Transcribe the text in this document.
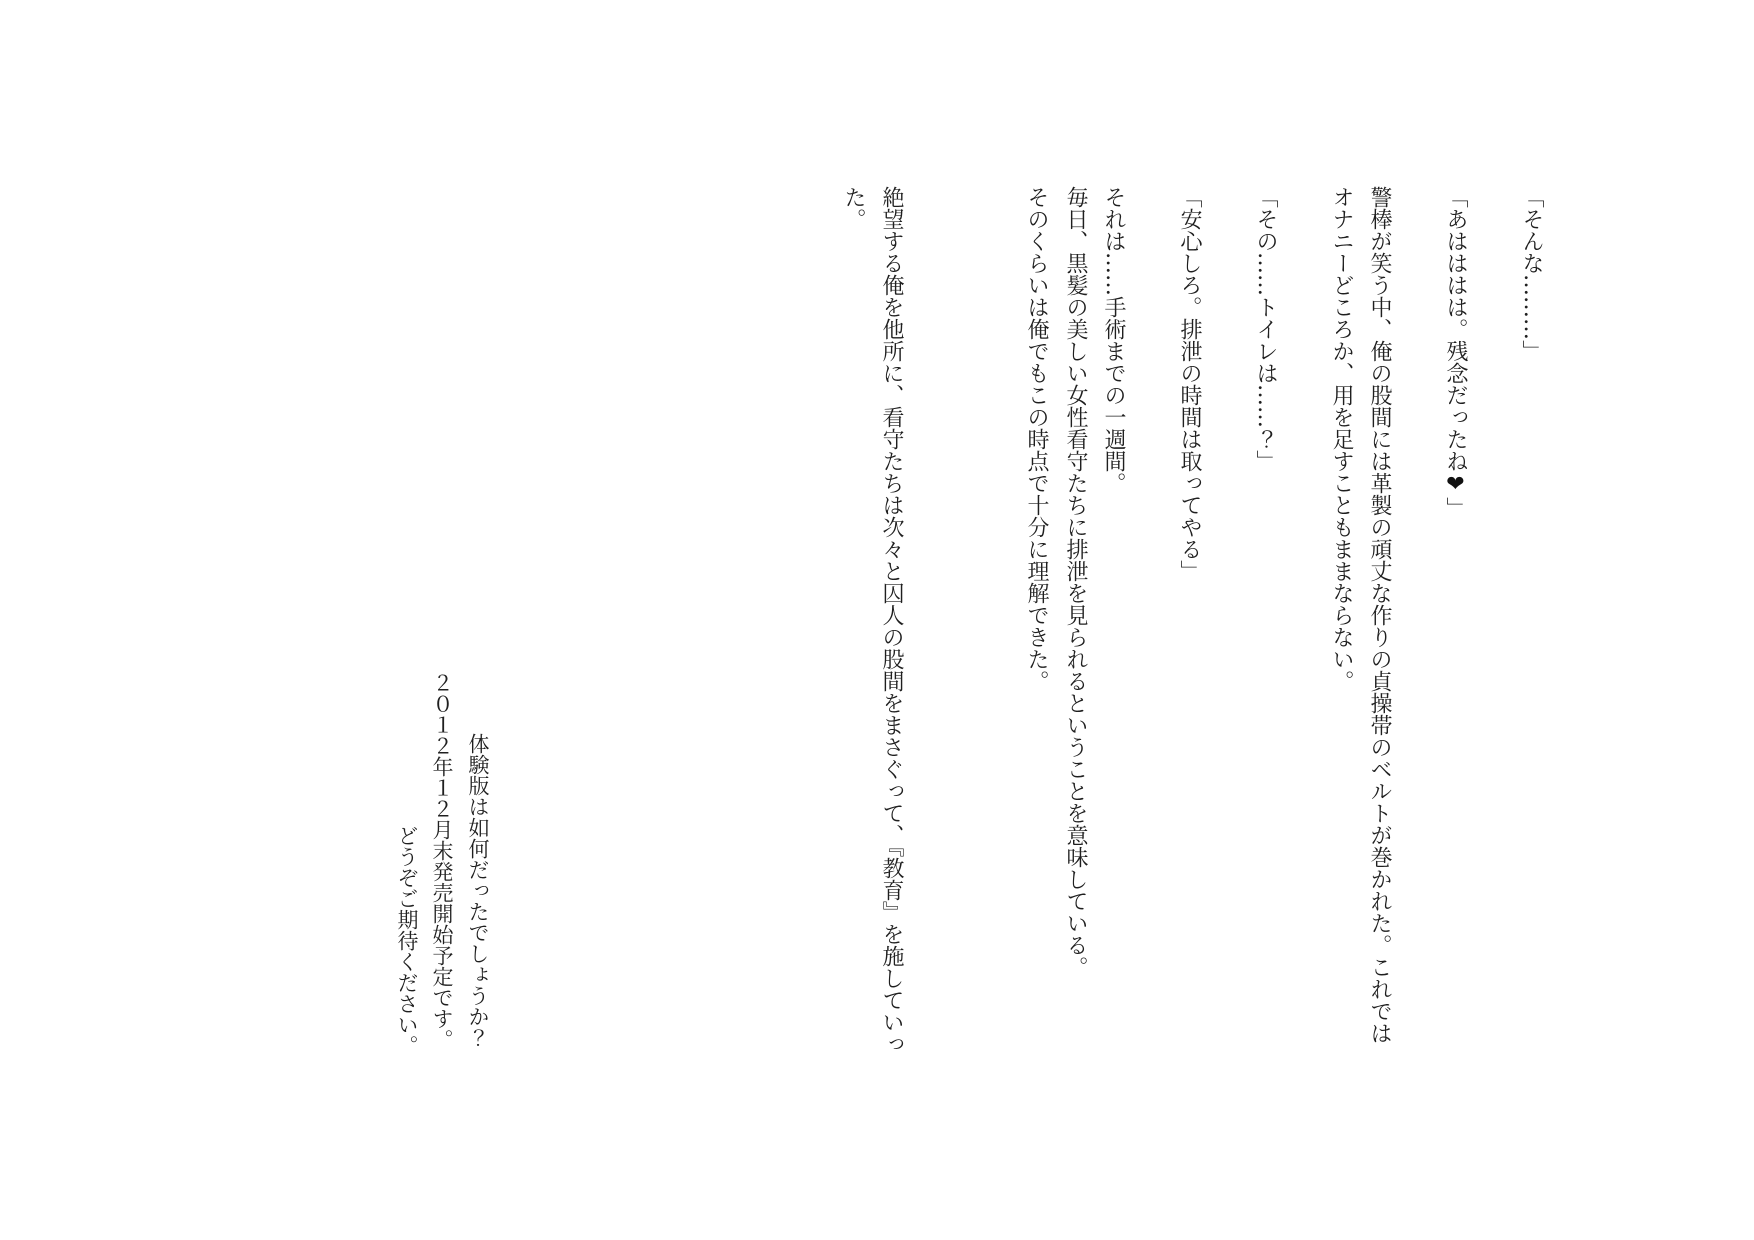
「そんな………」
「あはははは。残念だったね❤」
警棒が笑う中、俺の股間には革製の頑丈な作りの貞操帯のベルトが巻かれた。これでは
オナニーどころか、用を足すこともままならない。
「その……トイレは……？」
「安心しろ。排泄の時間は取ってやる」
それは……手術までの一週間。
毎日、黒髪の美しい女性看守たちに排泄を見られるということを意味している。
そのくらいは俺でもこの時点で十分に理解できた。
絶望する俺を他所に、看守たちは次々と囚人の股間をまさぐって、『教育』を施していっ
た。
体験版は如何だったでしょうか？
２０１２年１２月末発売開始予定です。
どうぞご期待ください。
